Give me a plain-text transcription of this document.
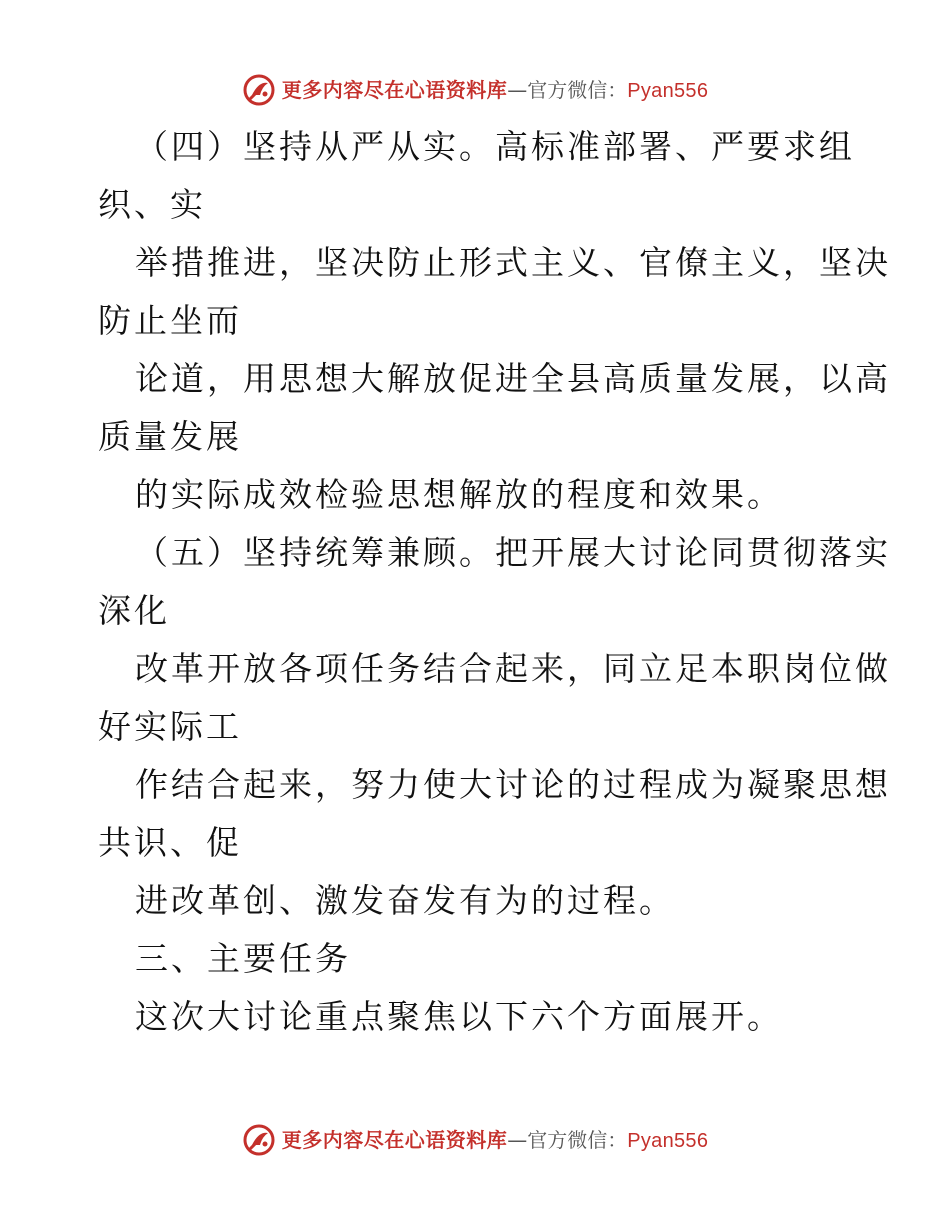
更多内容尽在心语资料库 —官方微信： Pyan556
（四）坚持从严从实。高标准部署、严要求组
织、实
举措推进，坚决防止形式主义、官僚主义，坚决
防止坐而
论道，用思想大解放促进全县高质量发展，以高
质量发展
的实际成效检验思想解放的程度和效果。
（五）坚持统筹兼顾。把开展大讨论同贯彻落实
深化
改革开放各项任务结合起来，同立足本职岗位做
好实际工
作结合起来，努力使大讨论的过程成为凝聚思想
共识、促
进改革创、激发奋发有为的过程。
三、主要任务
这次大讨论重点聚焦以下六个方面展开。
更多内容尽在心语资料库 —官方微信： Pyan556
